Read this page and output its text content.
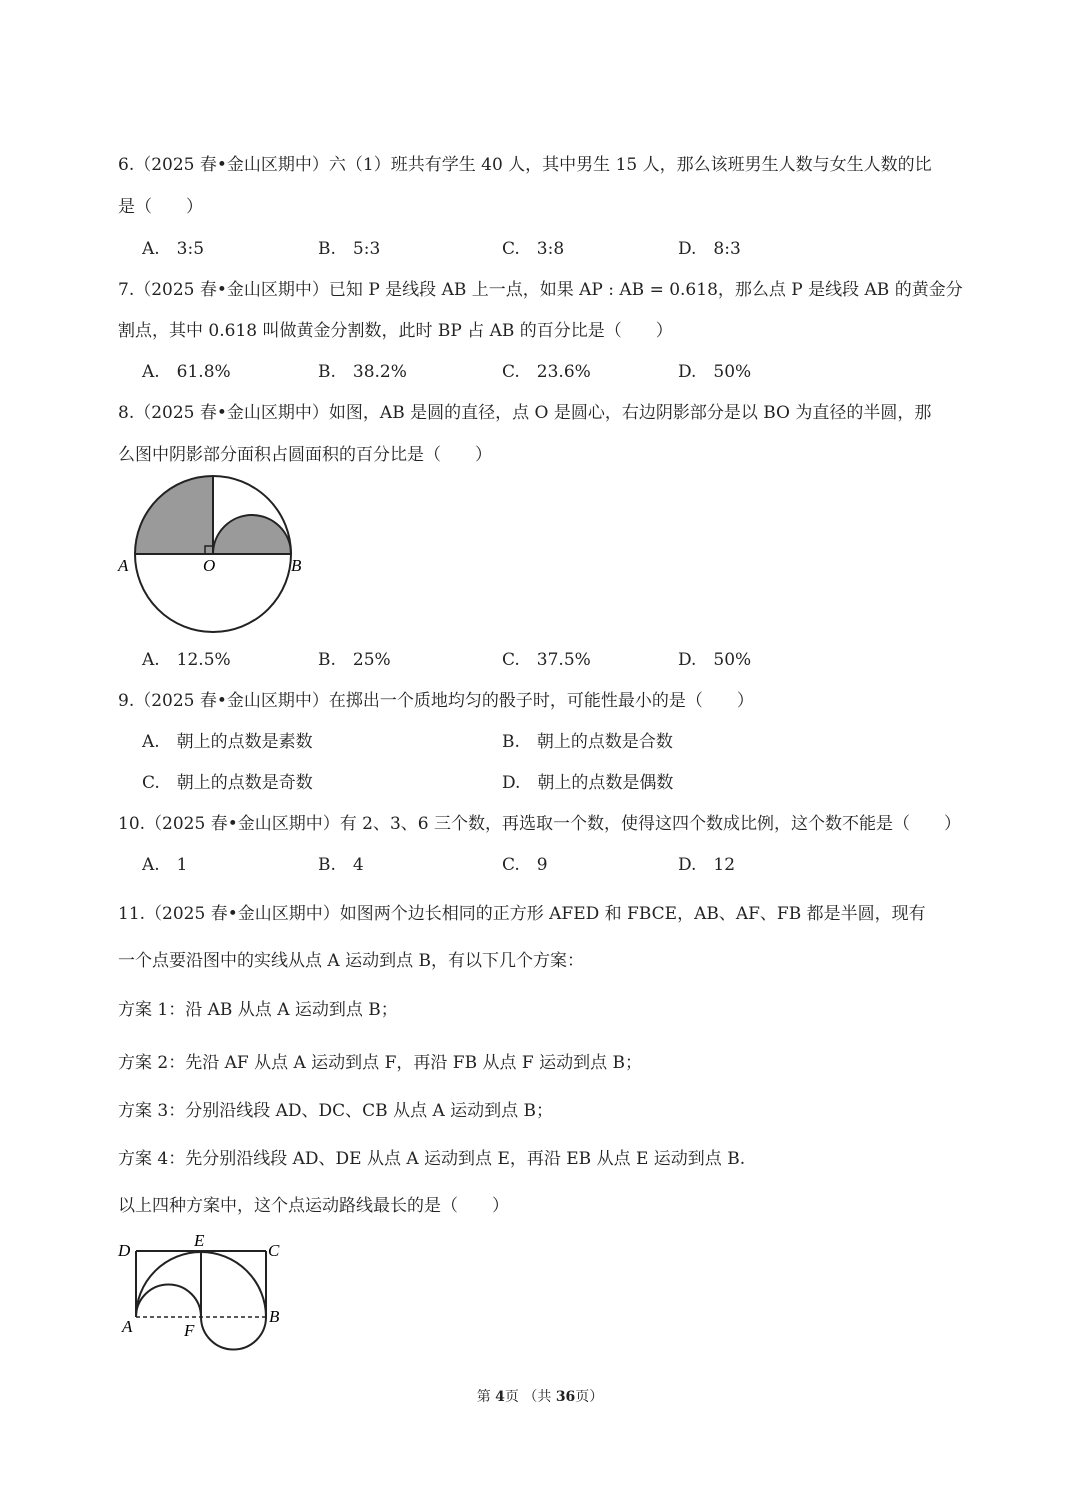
6.（2025 春•金山区期中）六（1）班共有学生 40 人，其中男生 15 人，那么该班男生人数与女生人数的比
是（　　）
A.　3:5	B.　5:3	C.　3:8	D.　8:3
7.（2025 春•金山区期中）已知 P 是线段 AB 上一点，如果 AP : AB = 0.618，那么点 P 是线段 AB 的黄金分
割点，其中 0.618 叫做黄金分割数，此时 BP 占 AB 的百分比是（　　）
A.　61.8%	B.　38.2%	C.　23.6%	D.　50%
8.（2025 春•金山区期中）如图，AB 是圆的直径，点 O 是圆心，右边阴影部分是以 BO 为直径的半圆，那
么图中阴影部分面积占圆面积的百分比是（　　）
A	O	B
A.　12.5%	B.　25%	C.　37.5%	D.　50%
9.（2025 春•金山区期中）在掷出一个质地均匀的骰子时，可能性最小的是（　　）
A.　朝上的点数是素数	B.　朝上的点数是合数
C.　朝上的点数是奇数	D.　朝上的点数是偶数
10.（2025 春•金山区期中）有 2、3、6 三个数，再选取一个数，使得这四个数成比例，这个数不能是（　　）
A.　1	B.　4	C.　9	D.　12
11.（2025 春•金山区期中）如图两个边长相同的正方形 AFED 和 FBCE，AB、AF、FB 都是半圆，现有
一个点要沿图中的实线从点 A 运动到点 B，有以下几个方案：
方案 1：沿 AB 从点 A 运动到点 B；
方案 2：先沿 AF 从点 A 运动到点 F，再沿 FB 从点 F 运动到点 B；
方案 3：分别沿线段 AD、DC、CB 从点 A 运动到点 B；
方案 4：先分别沿线段 AD、DE 从点 A 运动到点 E，再沿 EB 从点 E 运动到点 B.
以上四种方案中，这个点运动路线最长的是（　　）
D
E
C
A	F
B
第 4页 （共 36页）
